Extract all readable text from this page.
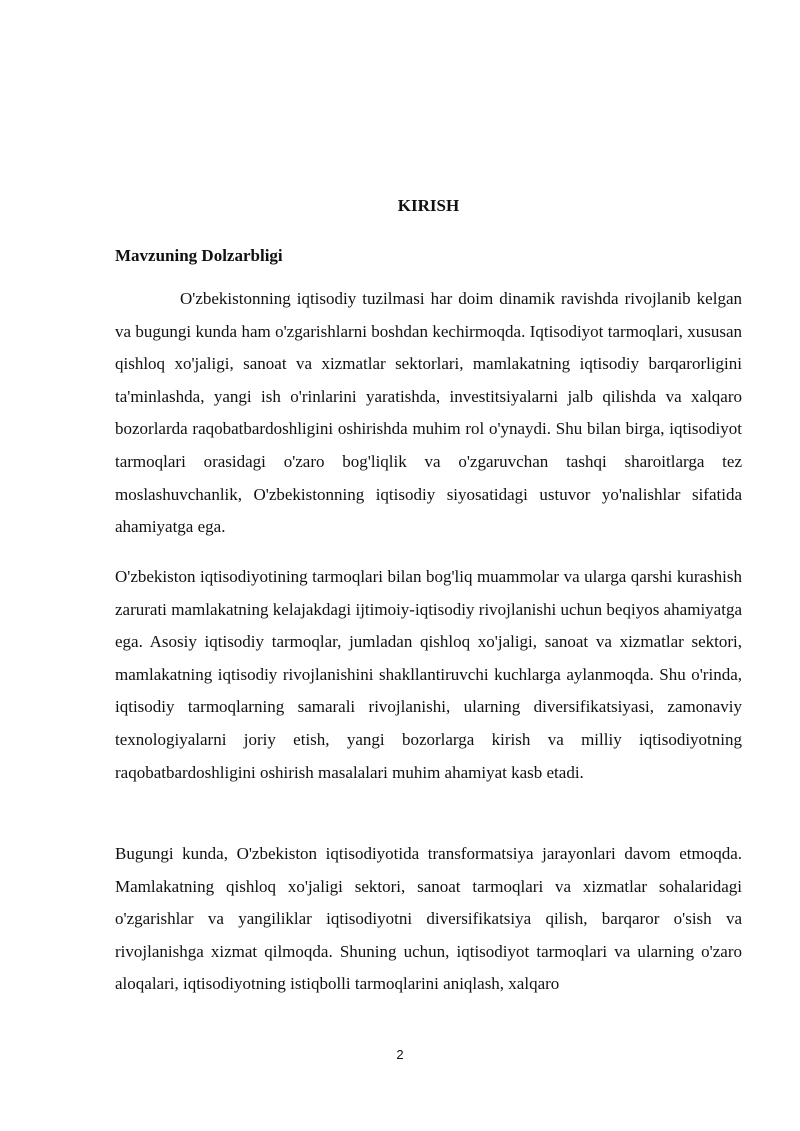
KIRISH
Mavzuning Dolzarbligi

O'zbekistonning iqtisodiy tuzilmasi har doim dinamik ravishda rivojlanib kelgan va bugungi kunda ham o'zgarishlarni boshdan kechirmoqda. Iqtisodiyot tarmoqlari, xususan qishloq xo'jaligi, sanoat va xizmatlar sektorlari, mamlakatning iqtisodiy barqarorligini ta'minlashda, yangi ish o'rinlarini yaratishda, investitsiyalarni jalb qilishda va xalqaro bozorlarda raqobatbardoshligini oshirishda muhim rol o'ynaydi. Shu bilan birga, iqtisodiyot tarmoqlari orasidagi o'zaro bog'liqlik va o'zgaruvchan tashqi sharoitlarga tez moslashuvchanlik, O'zbekistonning iqtisodiy siyosatidagi ustuvor yo'nalishlar sifatida ahamiyatga ega.

O'zbekiston iqtisodiyotining tarmoqlari bilan bog'liq muammolar va ularga qarshi kurashish zarurati mamlakatning kelajakdagi ijtimoiy-iqtisodiy rivojlanishi uchun beqiyos ahamiyatga ega. Asosiy iqtisodiy tarmoqlar, jumladan qishloq xo'jaligi, sanoat va xizmatlar sektori, mamlakatning iqtisodiy rivojlanishini shakllantiruvchi kuchlarga aylanmoqda. Shu o'rinda, iqtisodiy tarmoqlarning samarali rivojlanishi, ularning diversifikatsiyasi, zamonaviy texnologiyalarni joriy etish, yangi bozorlarga kirish va milliy iqtisodiyotning raqobatbardoshligini oshirish masalalari muhim ahamiyat kasb etadi.

Bugungi kunda, O'zbekiston iqtisodiyotida transformatsiya jarayonlari davom etmoqda. Mamlakatning qishloq xo'jaligi sektori, sanoat tarmoqlari va xizmatlar sohalaridagi o'zgarishlar va yangiliklar iqtisodiyotni diversifikatsiya qilish, barqaror o'sish va rivojlanishga xizmat qilmoqda. Shuning uchun, iqtisodiyot tarmoqlari va ularning o'zaro aloqalari, iqtisodiyotning istiqbolli tarmoqlarini aniqlash, xalqaro

2
